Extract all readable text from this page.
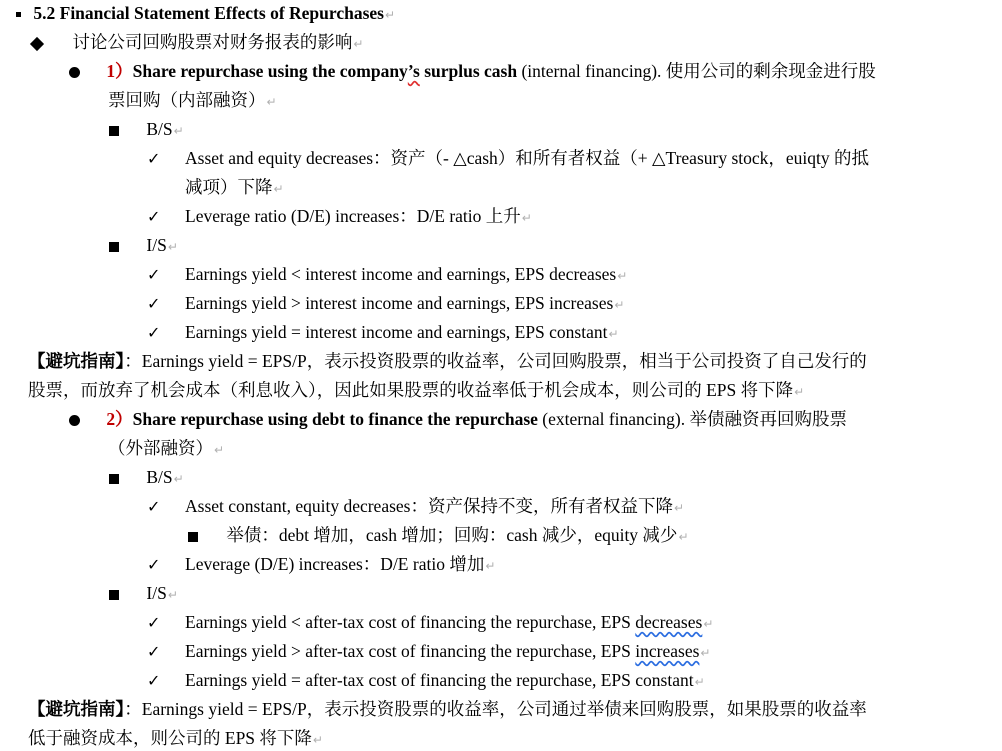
5.2 Financial Statement Effects of Repurchases↵
讨论公司回购股票对财务报表的影响↵
1）Share repurchase using the company’s surplus cash (internal financing). 使用公司的剩余现金进行股
票回购（内部融资）↵
B/S↵
✓ Asset and equity decreases：资产（- △cash）和所有者权益（+ △Treasury stock，euiqty 的抵
减项）下降↵
✓ Leverage ratio (D/E) increases：D/E ratio 上升↵
I/S↵
✓ Earnings yield < interest income and earnings, EPS decreases↵
✓ Earnings yield > interest income and earnings, EPS increases↵
✓ Earnings yield = interest income and earnings, EPS constant↵
【避坑指南】：Earnings yield = EPS/P，表示投资股票的收益率，公司回购股票，相当于公司投资了自己发行的
股票，而放弃了机会成本（利息收入），因此如果股票的收益率低于机会成本，则公司的 EPS 将下降↵
2）Share repurchase using debt to finance the repurchase (external financing). 举债融资再回购股票
（外部融资）↵
B/S↵
✓ Asset constant, equity decreases：资产保持不变，所有者权益下降↵
举债：debt 增加，cash 增加；回购：cash 减少，equity 减少↵
✓ Leverage (D/E) increases：D/E ratio 增加↵
I/S↵
✓ Earnings yield < after-tax cost of financing the repurchase, EPS decreases↵
✓ Earnings yield > after-tax cost of financing the repurchase, EPS increases↵
✓ Earnings yield = after-tax cost of financing the repurchase, EPS constant↵
【避坑指南】：Earnings yield = EPS/P，表示投资股票的收益率，公司通过举债来回购股票，如果股票的收益率
低于融资成本，则公司的 EPS 将下降↵
